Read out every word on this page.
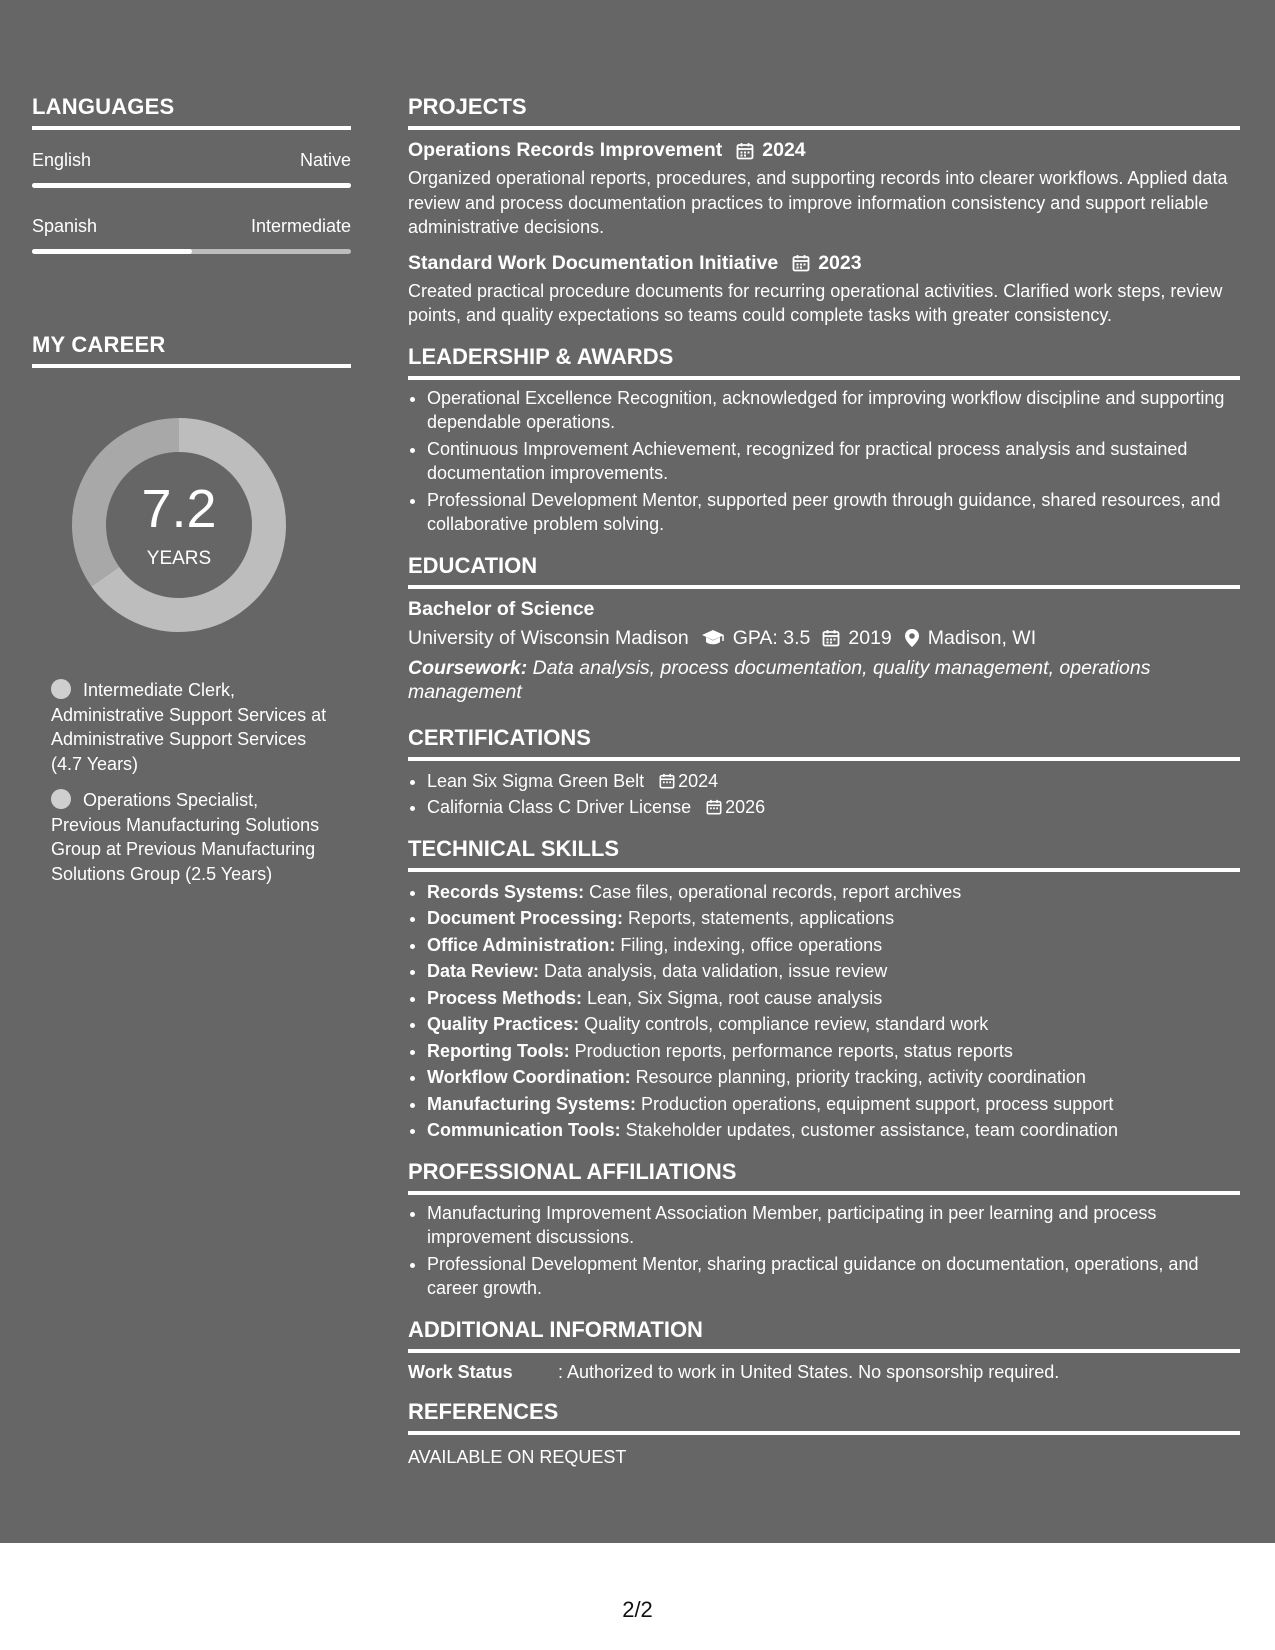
LANGUAGES
English	Native
Spanish	Intermediate
MY CAREER
7.2
YEARS
Intermediate Clerk, Administrative Support Services at Administrative Support Services (4.7 Years)
Operations Specialist, Previous Manufacturing Solutions Group at Previous Manufacturing Solutions Group (2.5 Years)
PROJECTS
Operations Records Improvement 2024
Organized operational reports, procedures, and supporting records into clearer workflows. Applied data review and process documentation practices to improve information consistency and support reliable administrative decisions.
Standard Work Documentation Initiative 2023
Created practical procedure documents for recurring operational activities. Clarified work steps, review points, and quality expectations so teams could complete tasks with greater consistency.
LEADERSHIP & AWARDS
• Operational Excellence Recognition, acknowledged for improving workflow discipline and supporting dependable operations.
• Continuous Improvement Achievement, recognized for practical process analysis and sustained documentation improvements.
• Professional Development Mentor, supported peer growth through guidance, shared resources, and collaborative problem solving.
EDUCATION
Bachelor of Science
University of Wisconsin Madison GPA: 3.5 2019 Madison, WI
Coursework: Data analysis, process documentation, quality management, operations management
CERTIFICATIONS
• Lean Six Sigma Green Belt 2024
• California Class C Driver License 2026
TECHNICAL SKILLS
• Records Systems: Case files, operational records, report archives
• Document Processing: Reports, statements, applications
• Office Administration: Filing, indexing, office operations
• Data Review: Data analysis, data validation, issue review
• Process Methods: Lean, Six Sigma, root cause analysis
• Quality Practices: Quality controls, compliance review, standard work
• Reporting Tools: Production reports, performance reports, status reports
• Workflow Coordination: Resource planning, priority tracking, activity coordination
• Manufacturing Systems: Production operations, equipment support, process support
• Communication Tools: Stakeholder updates, customer assistance, team coordination
PROFESSIONAL AFFILIATIONS
• Manufacturing Improvement Association Member, participating in peer learning and process improvement discussions.
• Professional Development Mentor, sharing practical guidance on documentation, operations, and career growth.
ADDITIONAL INFORMATION
Work Status	: Authorized to work in United States. No sponsorship required.
REFERENCES
AVAILABLE ON REQUEST
2/2
